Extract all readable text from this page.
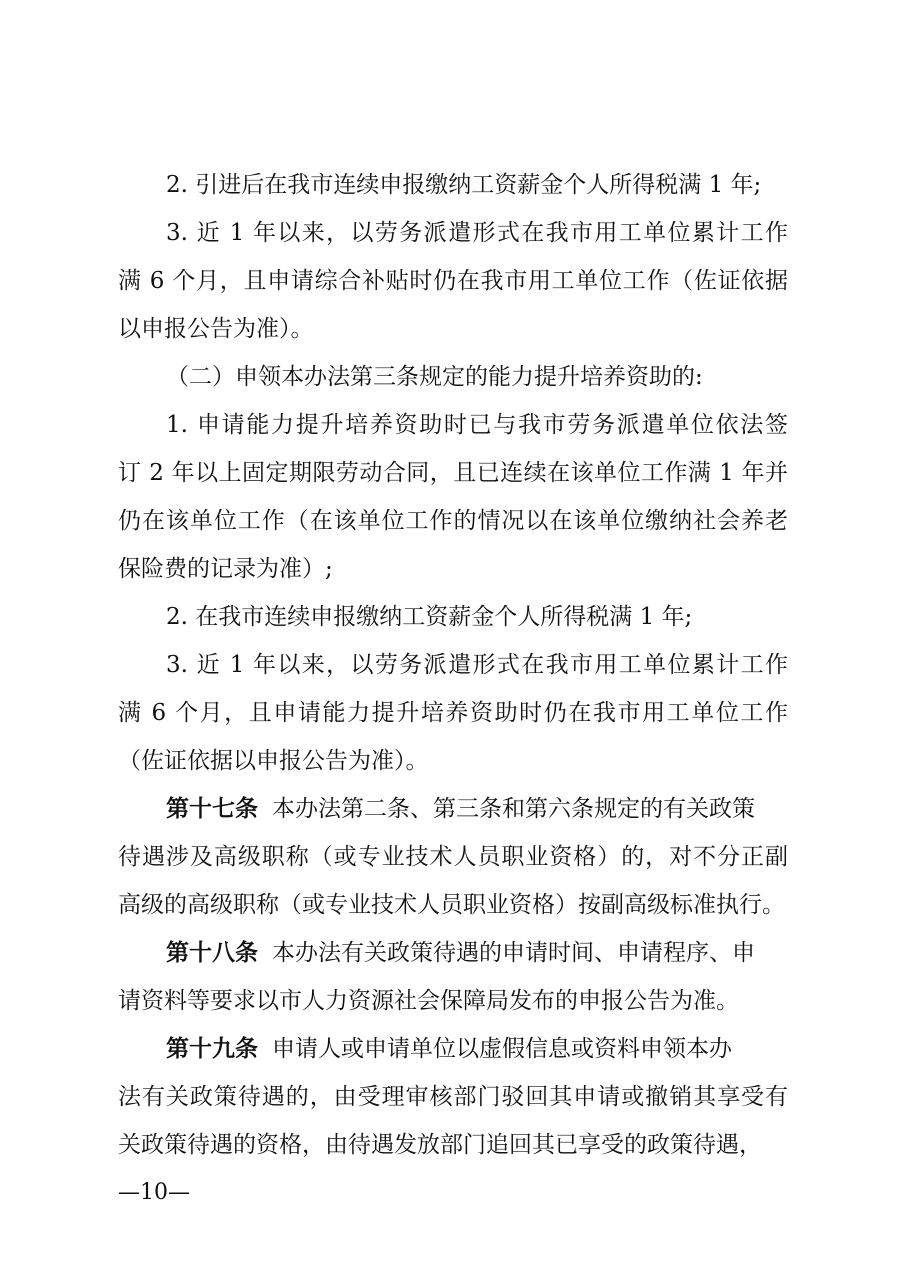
2. 引进后在我市连续申报缴纳工资薪金个人所得税满 1 年;
3. 近 1 年以来，以劳务派遣形式在我市用工单位累计工作
满 6 个月，且申请综合补贴时仍在我市用工单位工作（佐证依据
以申报公告为准）。
（二）申领本办法第三条规定的能力提升培养资助的:
1. 申请能力提升培养资助时已与我市劳务派遣单位依法签
订 2 年以上固定期限劳动合同，且已连续在该单位工作满 1 年并
仍在该单位工作（在该单位工作的情况以在该单位缴纳社会养老
保险费的记录为准）;
2. 在我市连续申报缴纳工资薪金个人所得税满 1 年;
3. 近 1 年以来，以劳务派遣形式在我市用工单位累计工作
满 6 个月，且申请能力提升培养资助时仍在我市用工单位工作
（佐证依据以申报公告为准）。
第十七条 本办法第二条、第三条和第六条规定的有关政策
待遇涉及高级职称（或专业技术人员职业资格）的，对不分正副
高级的高级职称（或专业技术人员职业资格）按副高级标准执行。
第十八条 本办法有关政策待遇的申请时间、申请程序、申
请资料等要求以市人力资源社会保障局发布的申报公告为准。
第十九条 申请人或申请单位以虚假信息或资料申领本办
法有关政策待遇的，由受理审核部门驳回其申请或撤销其享受有
关政策待遇的资格，由待遇发放部门追回其已享受的政策待遇，
—10—
